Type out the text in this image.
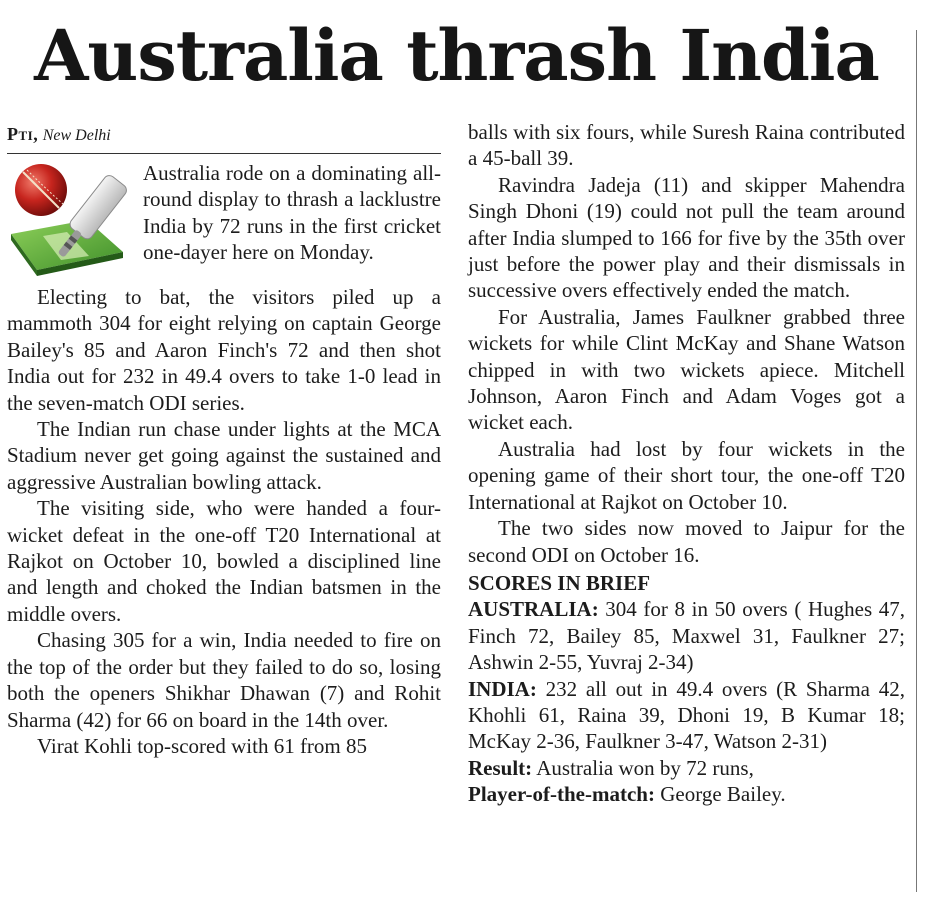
Australia thrash India
Pti, New Delhi

Australia rode on a dominating all-round display to thrash a lacklustre India by 72 runs in the first cricket one-dayer here on Monday.

Electing to bat, the visitors piled up a mammoth 304 for eight relying on captain George Bailey's 85 and Aaron Finch's 72 and then shot India out for 232 in 49.4 overs to take 1-0 lead in the seven-match ODI series.

The Indian run chase under lights at the MCA Stadium never get going against the sustained and aggressive Australian bowling attack.

The visiting side, who were handed a four-wicket defeat in the one-off T20 International at Rajkot on October 10, bowled a disciplined line and length and choked the Indian batsmen in the middle overs.

Chasing 305 for a win, India needed to fire on the top of the order but they failed to do so, losing both the openers Shikhar Dhawan (7) and Rohit Sharma (42) for 66 on board in the 14th over.

Virat Kohli top-scored with 61 from 85

balls with six fours, while Suresh Raina contributed a 45-ball 39.

Ravindra Jadeja (11) and skipper Mahendra Singh Dhoni (19) could not pull the team around after India slumped to 166 for five by the 35th over just before the power play and their dismissals in successive overs effectively ended the match.

For Australia, James Faulkner grabbed three wickets for while Clint McKay and Shane Watson chipped in with two wickets apiece. Mitchell Johnson, Aaron Finch and Adam Voges got a wicket each.

Australia had lost by four wickets in the opening game of their short tour, the one-off T20 International at Rajkot on October 10.

The two sides now moved to Jaipur for the second ODI on October 16.

SCORES IN BRIEF

AUSTRALIA: 304 for 8 in 50 overs ( Hughes 47, Finch 72, Bailey 85, Maxwel 31, Faulkner 27; Ashwin 2-55, Yuvraj 2-34)

INDIA: 232 all out in 49.4 overs (R Sharma 42, Khohli 61, Raina 39, Dhoni 19, B Kumar 18; McKay 2-36, Faulkner 3-47, Watson 2-31)

Result: Australia won by 72 runs,

Player-of-the-match: George Bailey.
